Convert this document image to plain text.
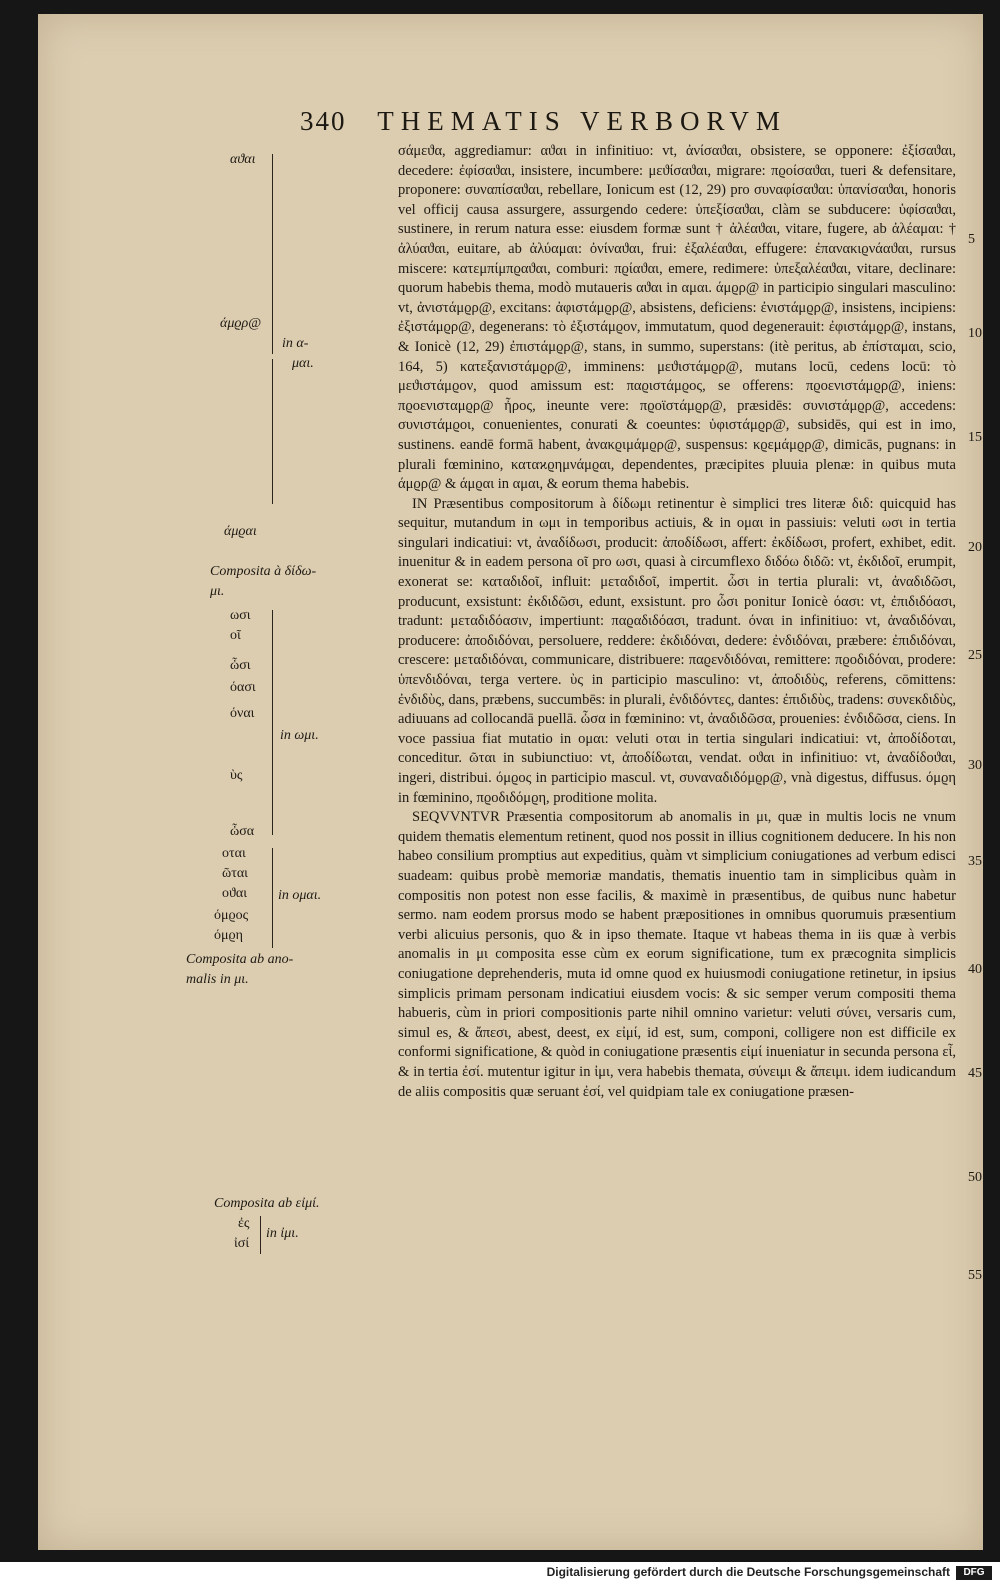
340 THEMATIS VERBORVM
αϑαι
άμϱρ@
in α-
μαι.
άμϱαι
Composita à δίδω-
μι.
ωσι
οῖ
ὦσι
όασι
όναι
in ωμι.
ὺς
ὦσα
οται
ῶται
οϑαι in ομαι.
όμϱος
όμϱη
Composita ab ano-
malis in μι.
Composita ab εἰμί.
ἐς
ἰσί
in ἰμι.

σάμεϑα, aggrediamur: αϑαι in infinitiuo: vt, ἀνίσαϑαι, obsistere, se opponere: ἐξίσαϑαι, decedere: ἐφίσαϑαι, insistere, incumbere: μεϑίσαϑαι, migrare: πϱοίσαϑαι, tueri & defensitare, proponere: συναπίσαϑαι, rebellare, Ionicum est (12, 29) pro συναφίσαϑαι: ὑπανίσαϑαι, honoris vel officij causa assurgere, assurgendo cedere: ὑπεξίσαϑαι, clàm se subducere: ὑφίσαϑαι, sustinere, in rerum natura esse: eiusdem formæ sunt † ἀλέαϑαι, vitare, fugere, ab ἀλέαμαι: † ἀλύαϑαι, euitare, ab ἀλύαμαι: ὀνίναϑαι, frui: ἐξαλέαϑαι, effugere: ἐπανακιϱνάαϑαι, rursus miscere: κατεμπίμπϱαϑαι, comburi: πϱίαϑαι, emere, redimere: ὑπεξαλέαϑαι, vitare, declinare: quorum habebis thema, modò mutaueris αϑαι in αμαι. άμϱρ@ in participio singulari masculino: vt, ἀνιστάμϱρ@, excitans: ἀφιστάμϱρ@, absistens, deficiens: ἐνιστάμϱρ@, insistens, incipiens: ἐξιστάμϱρ@, degenerans: τὸ ἐξιστάμϱον, immutatum, quod degenerauit: ἐφιστάμϱρ@, instans, & Ionicè (12, 29) ἐπιστάμϱρ@, stans, in summo, superstans: (itè peritus, ab ἐπίσταμαι, scio, 164, 5) κατεξανιστάμϱρ@, imminens: μεϑιστάμϱρ@, mutans locū, cedens locū: τὸ μεϑιστάμϱον, quod amissum est: παϱιστάμϱος, se offerens: πϱοενιστάμϱρ@, iniens: πϱοενισταμϱρ@ ἦρος, ineunte vere: πϱοϊστάμϱρ@, præsidēs: συνιστάμϱρ@, accedens: συνιστάμϱοι, conuenientes, conurati & coeuntes: ὑφιστάμϱρ@, subsidēs, qui est in imo, sustinens. eandē formā habent, ἀνακϱιμάμϱρ@, suspensus: κϱεμάμϱρ@, dimicās, pugnans: in plurali fœminino, καταϰϱημνάμϱαι, dependentes, præcipites pluuia plenæ: in quibus muta άμϱρ@ & άμϱαι in αμαι, & eorum thema habebis.

IN Præsentibus compositorum à δίδωμι retinentur è simplici tres literæ διδ: quicquid has sequitur, mutandum in ωμι in temporibus actiuis, & in ομαι in passiuis: veluti ωσι in tertia singulari indicatiui: vt, ἀναδίδωσι, producit: ἀποδίδωσι, affert: ἐκδίδωσι, profert, exhibet, edit. inuenitur & in eadem persona οῖ pro ωσι, quasi à circumflexo διδόω διδῶ: vt, ἐκδιδοῖ, erumpit, exonerat se: καταδιδοῖ, influit: μεταδιδοῖ, impertit. ὦσι in tertia plurali: vt, ἀναδιδῶσι, producunt, exsistunt: ἐκδιδῶσι, edunt, exsistunt. pro ὦσι ponitur Ionicè όασι: vt, ἐπιδιδόασι, tradunt: μεταδιδόασιν, impertiunt: παϱαδιδόασι, tradunt. όναι in infinitiuo: vt, ἀναδιδόναι, producere: ἀποδιδόναι, persoluere, reddere: ἐκδιδόναι, dedere: ἐνδιδόναι, præbere: ἐπιδιδόναι, crescere: μεταδιδόναι, communicare, distribuere: παϱενδιδόναι, remittere: πϱοδιδόναι, prodere: ὑπενδιδόναι, terga vertere. ὺς in participio masculino: vt, ἀποδιδὺς, referens, cōmittens: ἐνδιδὺς, dans, præbens, succumbēs: in plurali, ἐνδιδόντες, dantes: ἐπιδιδὺς, tradens: συνεκδιδὺς, adiuuans ad collocandā puellā. ὦσα in fœminino: vt, ἀναδιδῶσα, prouenies: ἐνδιδῶσα, ciens. In voce passiua fiat mutatio in ομαι: veluti οται in tertia singulari indicatiui: vt, ἀποδίδοται, conceditur. ῶται in subiunctiuo: vt, ἀποδίδωται, vendat. οϑαι in infinitiuo: vt, ἀναδίδοϑαι, ingeri, distribui. όμϱος in participio mascul. vt, συναναδιδόμϱρ@, vnà digestus, diffusus. όμϱη in fœminino, πϱοδιδόμϱη, proditione molita.

SEQVVNTVR Præsentia compositorum ab anomalis in μι, quæ in multis locis ne vnum quidem thematis elementum retinent, quod nos possit in illius cognitionem deducere. In his non habeo consilium promptius aut expeditius, quàm vt simplicium coniugationes ad verbum edisci suadeam: quibus probè memoriæ mandatis, thematis inuentio tam in simplicibus quàm in compositis non potest non esse facilis, & maximè in præsentibus, de quibus nunc habetur sermo. nam eodem prorsus modo se habent præpositiones in omnibus quorumuis præsentium verbi alicuius personis, quo & in ipso themate. Itaque vt habeas thema in iis quæ à verbis anomalis in μι composita esse cùm ex eorum significatione, tum ex præcognita simplicis coniugatione deprehenderis, muta id omne quod ex huiusmodi coniugatione retinetur, in ipsius simplicis primam personam indicatiui eiusdem vocis: & sic semper verum compositi thema habueris, cùm in priori compositionis parte nihil omnino varietur: veluti σύνει, versaris cum, simul es, & ἄπεσι, abest, deest, ex εἰμί, id est, sum, componi, colligere non est difficile ex conformi significatione, & quòd in coniugatione præsentis εἰμί inueniatur in secunda persona εἶ, & in tertia ἐσί. mutentur igitur in ἰμι, vera habebis themata, σύνειμι & ἄπειμι. idem iudicandum de aliis compositis quæ seruant ἐσί, vel quidpiam tale ex coniugatione præsen-

5
10
15
20
25
30
35
40
45
50
55
Digitalisierung gefördert durch die Deutsche Forschungsgemeinschaft	DFG
